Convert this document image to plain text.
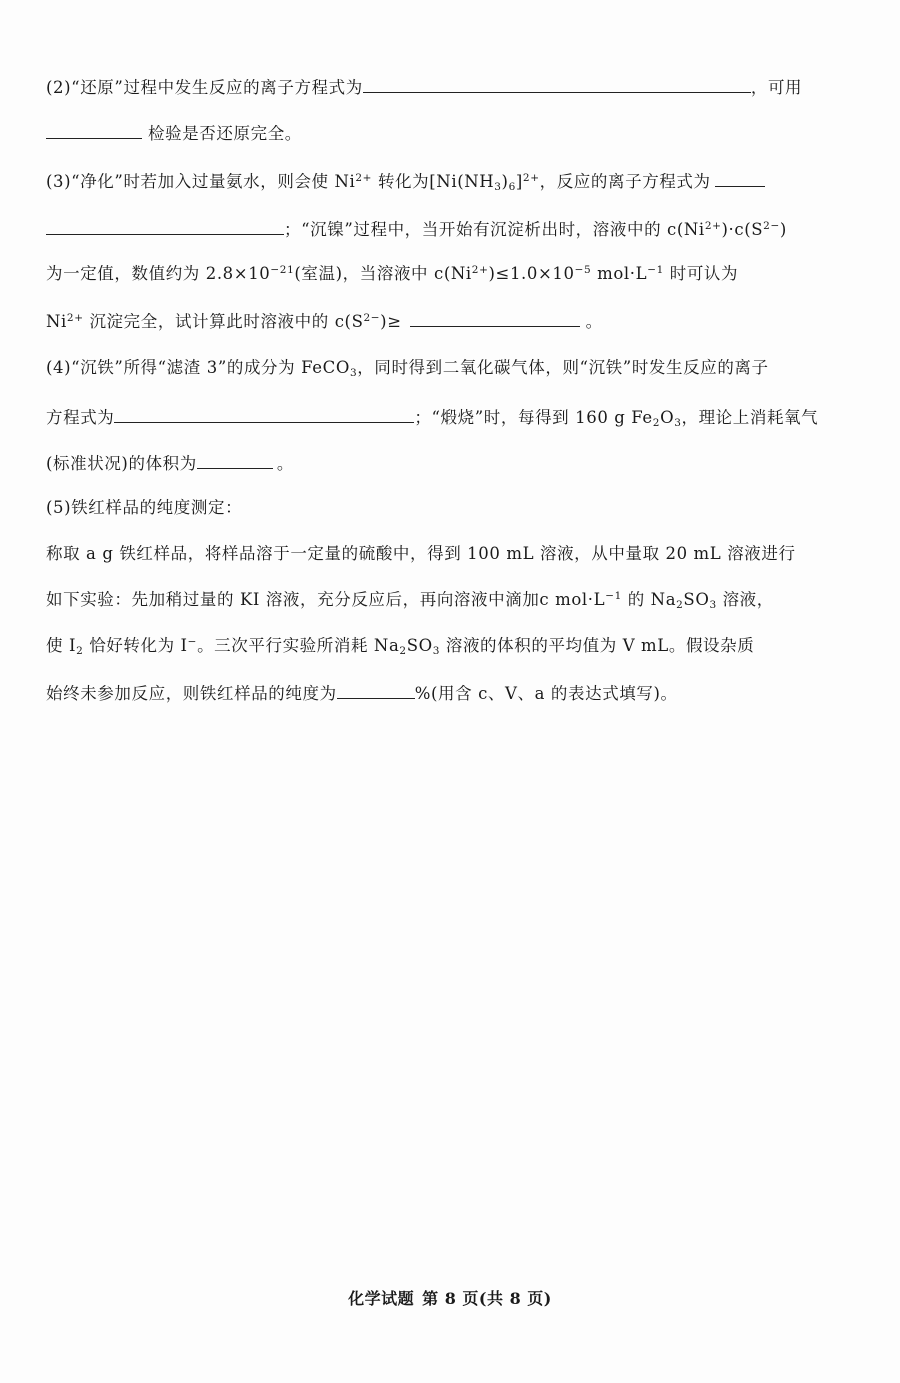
(2)“还原”过程中发生反应的离子方程式为	，可用
检验是否还原完全。
(3)“净化”时若加入过量氨水，则会使 $Ni^{2+}$ 转化为$[Ni(NH_3)_6]^{2+}$，反应的离子方程式为
；“沉镍”过程中，当开始有沉淀析出时，溶液中的 $c(Ni^{2+})\cdot c(S^{2-})$
为一定值，数值约为 $2.8\times 10^{-21}$(室温)，当溶液中 $c(Ni^{2+})\le 1.0\times 10^{-5}$ $mol\cdot L^{-1}$ 时可认为
$Ni^{2+}$ 沉淀完全，试计算此时溶液中的 $c(S^{2-})\ge$	。
(4)“沉铁”所得“滤渣 3”的成分为 FeCO$_3$，同时得到二氧化碳气体，则“沉铁”时发生反应的离子
方程式为	；“煅烧”时，每得到 160 g $Fe_2O_3$，理论上消耗氧气
(标准状况)的体积为	。
(5)铁红样品的纯度测定：
称取 a g 铁红样品，将样品溶于一定量的硫酸中，得到 100 mL 溶液，从中量取 20 mL 溶液进行
如下实验：先加稍过量的 KI 溶液，充分反应后，再向溶液中滴加c $mol\cdot L^{-1}$ 的 $Na_2SO_3$ 溶液，
使 $I_2$ 恰好转化为 I−。三次平行实验所消耗 $Na_2SO_3$ 溶液的体积的平均值为 V mL。假设杂质
始终未参加反应，则铁红样品的纯度为	%(用含 c、V、a 的表达式填写)。
化学试题 第 8 页(共 8 页)
